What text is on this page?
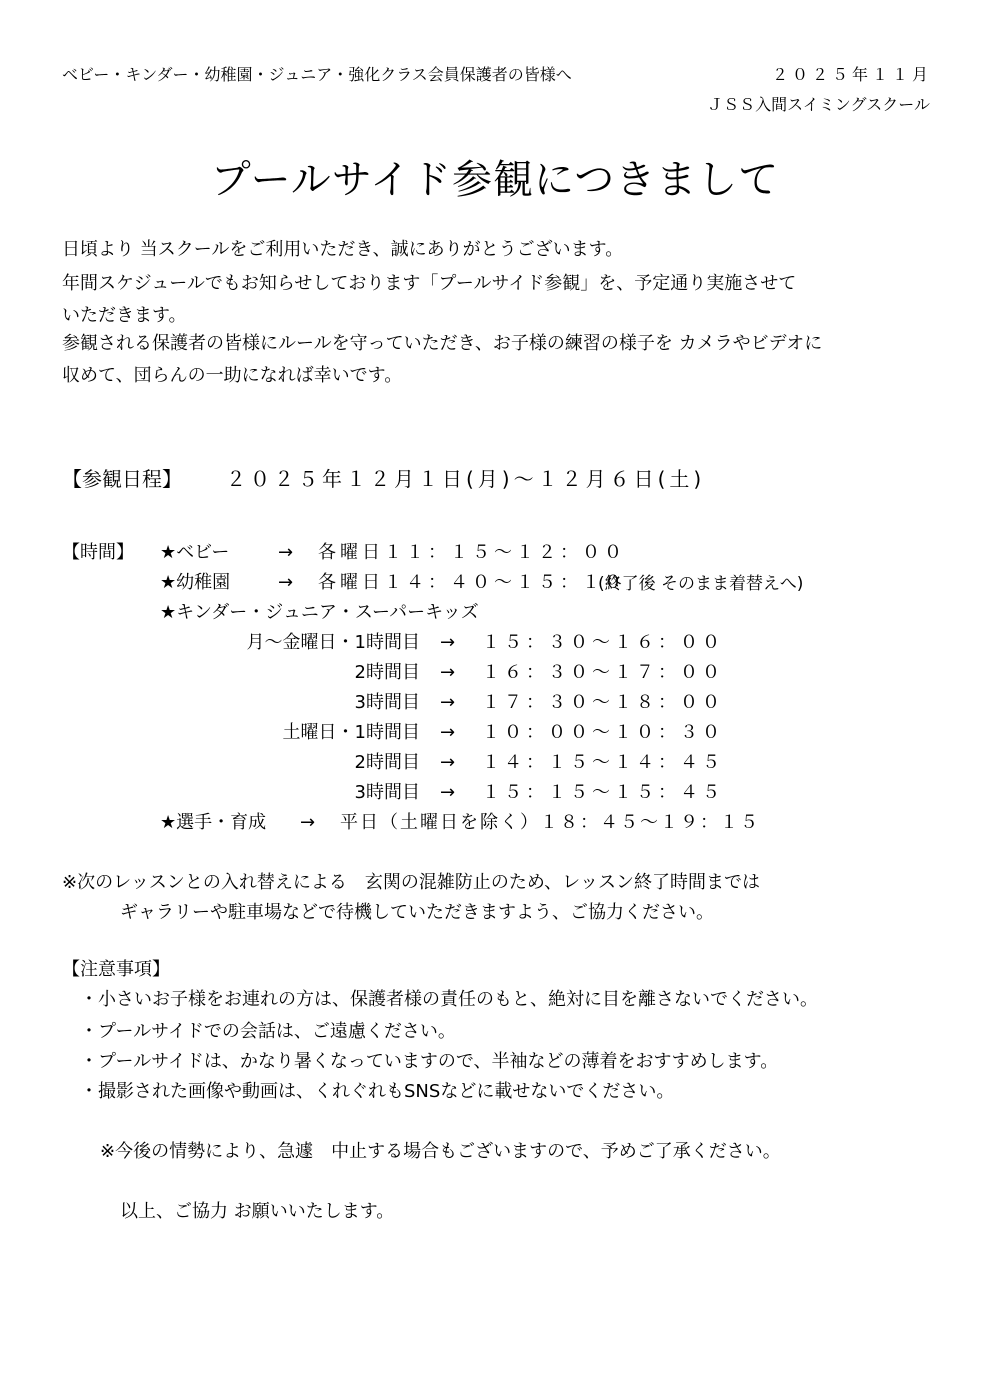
ベビー・キンダー・幼稚園・ジュニア・強化クラス会員保護者の皆様へ	２０２５年１１月
ＪＳＳ入間スイミングスクール
プールサイド参観につきまして
日頃より 当スクールをご利用いただき、誠にありがとうございます。
年間スケジュールでもお知らせしております「プールサイド参観」を、予定通り実施させて
いただきます。
参観される保護者の皆様にルールを守っていただき、お子様の練習の様子を カメラやビデオに
収めて、団らんの一助になれば幸いです。
【参観日程】 ２０２５年１２月１日(月)～１２月６日(土)
【時間】 ★ベビー	→ 各曜日１１：１５～１２：００
★幼稚園	→ 各曜日１４：４０～１５：１０
(終了後 そのまま着替えへ)
★キンダー・ジュニア・スーパーキッズ
月～金曜日・1時間目 → １５：３０～１６：００
2時間目 → １６：３０～１７：００
3時間目 → １７：３０～１８：００
土曜日・1時間目 → １０：００～１０：３０
2時間目 → １４：１５～１４：４５
3時間目 → １５：１５～１５：４５
★選手・育成 → 平日（土曜日を除く）１８：４５～１９：１５
※次のレッスンとの入れ替えによる　玄関の混雑防止のため、レッスン終了時間までは
ギャラリーや駐車場などで待機していただきますよう、ご協力ください。
【注意事項】
・小さいお子様をお連れの方は、保護者様の責任のもと、絶対に目を離さないでください。
・プールサイドでの会話は、ご遠慮ください。
・プールサイドは、かなり暑くなっていますので、半袖などの薄着をおすすめします。
・撮影された画像や動画は、くれぐれもSNSなどに載せないでください。
※今後の情勢により、急遽　中止する場合もございますので、予めご了承ください。
以上、ご協力 お願いいたします。
